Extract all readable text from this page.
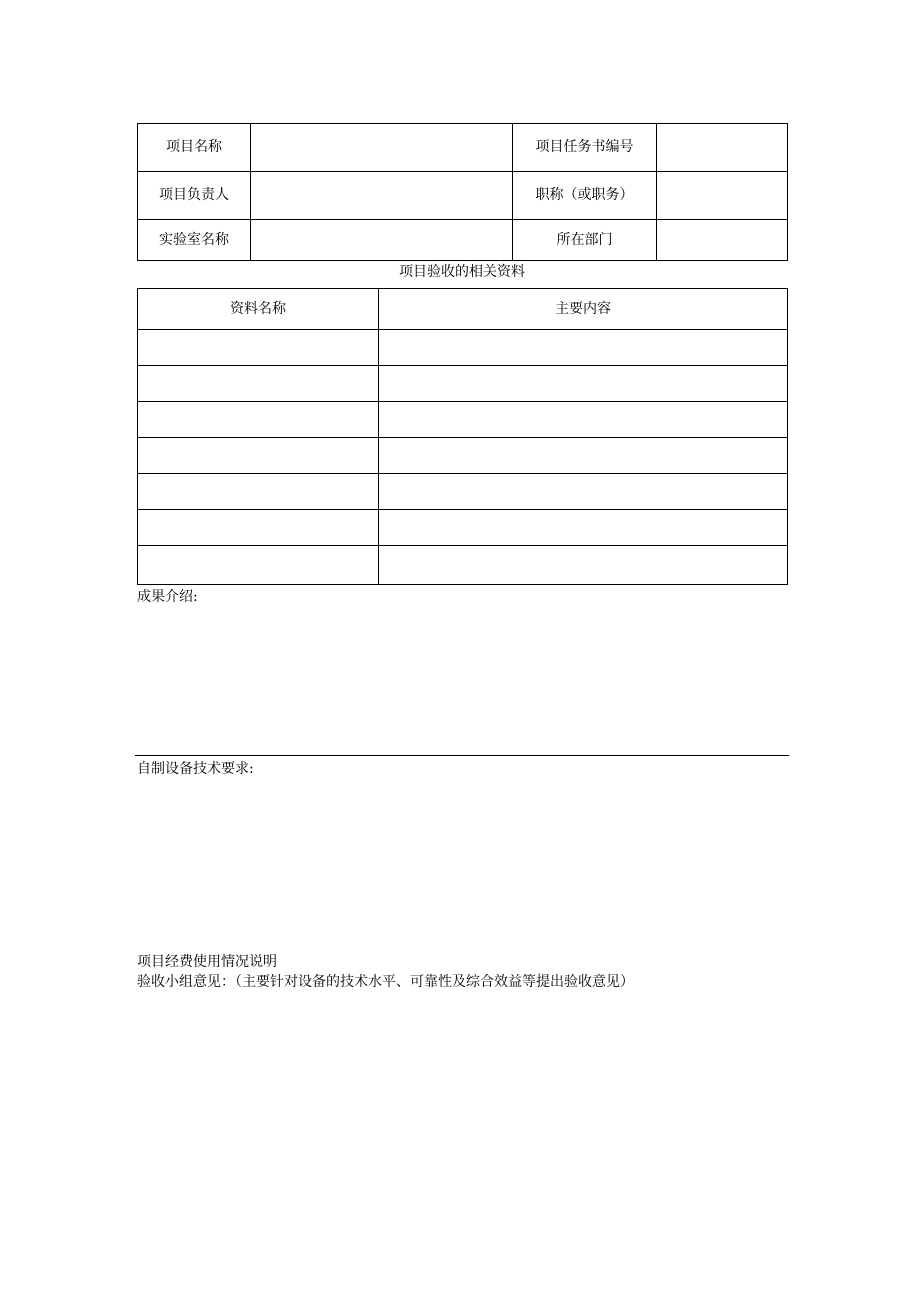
项目名称		项目任务书编号	
项目负责人		职称（或职务）	
实验室名称		所在部门	
项目验收的相关资料
资料名称	主要内容

成果介绍:
自制设备技术要求:
项目经费使用情况说明
验收小组意见：（主要针对设备的技术水平、可靠性及综合效益等提出验收意见）
